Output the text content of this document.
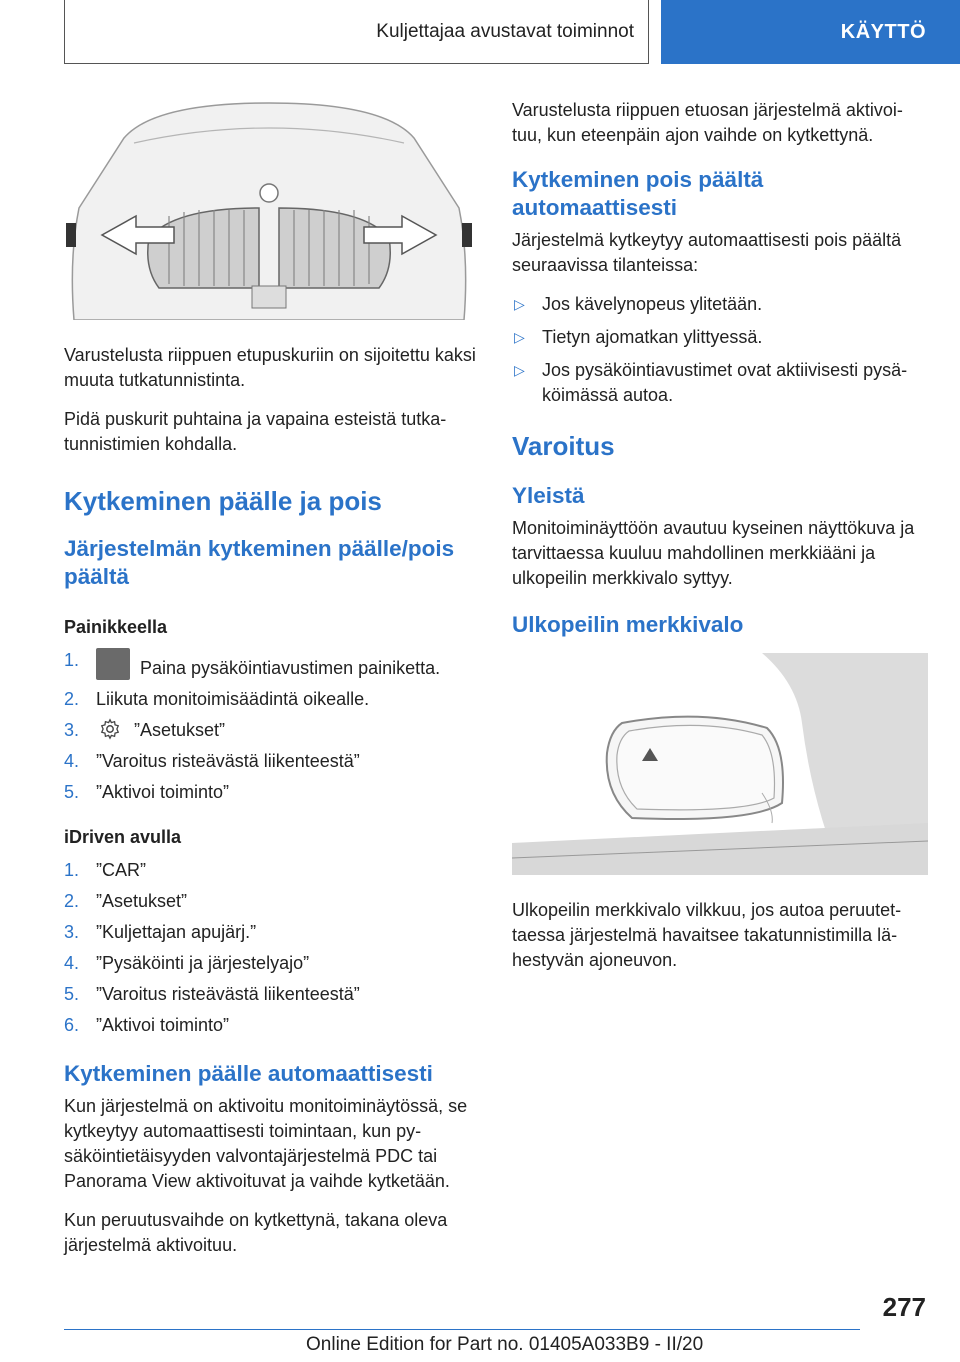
Kuljettajaa avustavat toiminnot	KÄYTTÖ

Varustelusta riippuen etupuskuriin on sijoitettu kaksi muuta tutkatunnistinta.

Pidä puskurit puhtaina ja vapaina esteistä tutka-tunnistimien kohdalla.

Kytkeminen päälle ja pois
Järjestelmän kytkeminen päälle/pois päältä
Painikkeella
1.	Paina pysäköintiavustimen painiketta.
2. Liikuta monitoimisäädintä oikealle.
3.	”Asetukset”
4. ”Varoitus risteävästä liikenteestä”
5. ”Aktivoi toiminto”
iDriven avulla
1. ”CAR”
2. ”Asetukset”
3. ”Kuljettajan apujärj.”
4. ”Pysäköinti ja järjestelyajo”
5. ”Varoitus risteävästä liikenteestä”
6. ”Aktivoi toiminto”
Kytkeminen päälle automaattisesti

Kun järjestelmä on aktivoitu monitoiminäytössä, se kytkeytyy automaattisesti toimintaan, kun py-säköintietäisyyden valvontajärjestelmä PDC tai Panorama View aktivoituvat ja vaihde kytketään.

Kun peruutusvaihde on kytkettynä, takana oleva järjestelmä aktivoituu.

Varustelusta riippuen etuosan järjestelmä aktivoi-tuu, kun eteenpäin ajon vaihde on kytkettynä.

Kytkeminen pois päältä automaattisesti

Järjestelmä kytkeytyy automaattisesti pois päältä seuraavissa tilanteissa:

▷ Jos kävelynopeus ylitetään.
▷ Tietyn ajomatkan ylittyessä.
▷ Jos pysäköintiavustimet ovat aktiivisesti pysä-köimässä autoa.
Varoitus
Yleistä

Monitoiminäyttöön avautuu kyseinen näyttökuva ja tarvittaessa kuuluu mahdollinen merkkiääni ja ulkopeilin merkkivalo syttyy.

Ulkopeilin merkkivalo

Ulkopeilin merkkivalo vilkkuu, jos autoa peruutet-taessa järjestelmä havaitsee takatunnistimilla lä-hestyvän ajoneuvon.

277
Online Edition for Part no. 01405A033B9 - II/20
